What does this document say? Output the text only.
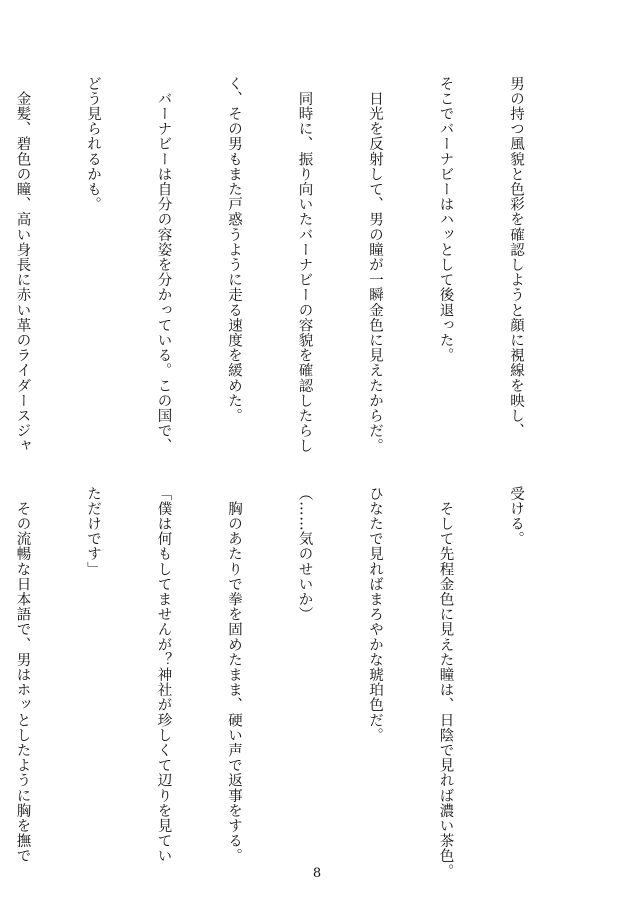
男の持つ風貌と色彩を確認しようと顔に視線を映し、

そこでバーナビーはハッとして後退った。

　日光を反射して、男の瞳が一瞬金色に見えたからだ。

　同時に、振り向いたバーナビーの容貌を確認したらし

く、その男もまた戸惑うように走る速度を緩めた。

　バーナビーは自分の容姿を分かっている。この国で、

どう見られるかも。

　金髪、碧色の瞳、高い身長に赤い革のライダースジャ

受ける。

　そして先程金色に見えた瞳は、日陰で見れば濃い茶色。

ひなたで見ればまろやかな琥珀色だ。

（……気のせいか）

　胸のあたりで拳を固めたまま、硬い声で返事をする。

「僕は何もしてませんが？神社が珍しくて辺りを見てい

ただけです」

　その流暢な日本語で、男はホッとしたように胸を撫で

8
